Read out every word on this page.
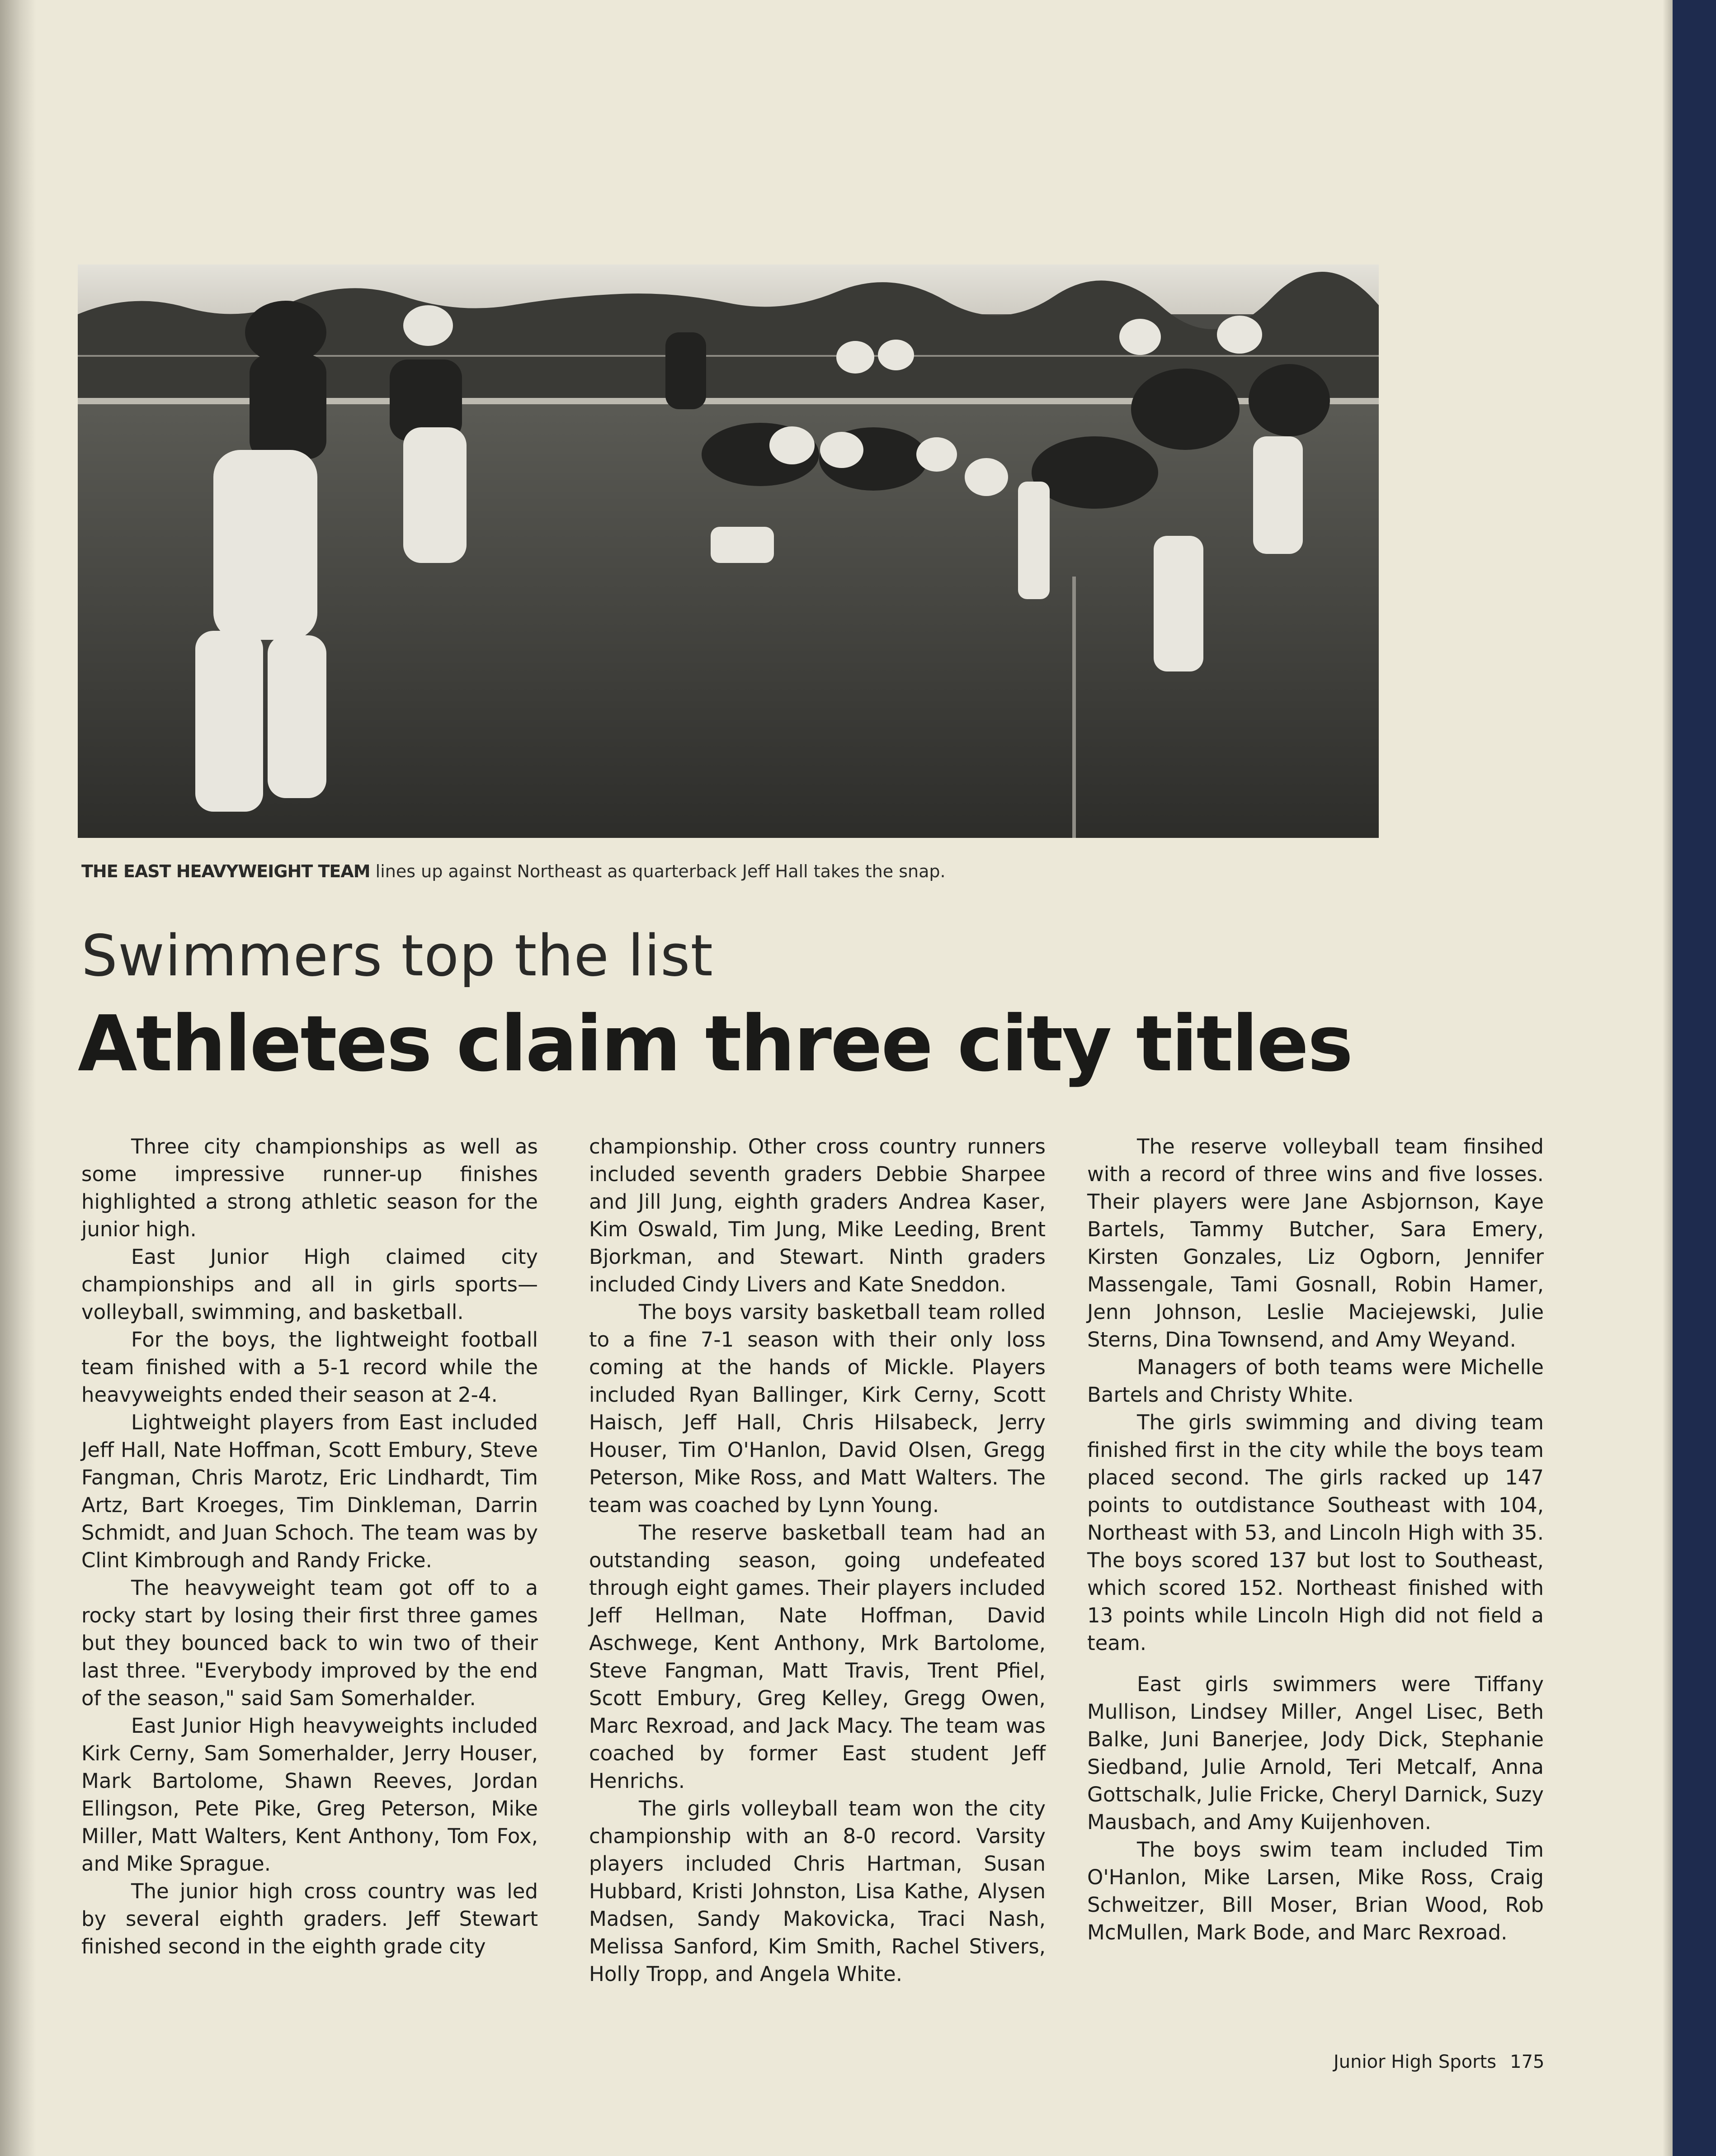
THE EAST HEAVYWEIGHT TEAM lines up against Northeast as quarterback Jeff Hall takes the snap.
Swimmers top the list
Athletes claim three city titles

Three city championships as well as some impressive runner-up finishes highlighted a strong athletic season for the junior high.

East Junior High claimed city championships and all in girls sports—volleyball, swimming, and basketball.

For the boys, the lightweight football team finished with a 5-1 record while the heavyweights ended their season at 2-4.

Lightweight players from East included Jeff Hall, Nate Hoffman, Scott Embury, Steve Fangman, Chris Marotz, Eric Lindhardt, Tim Artz, Bart Kroeges, Tim Dinkleman, Darrin Schmidt, and Juan Schoch. The team was by Clint Kimbrough and Randy Fricke.

The heavyweight team got off to a rocky start by losing their first three games but they bounced back to win two of their last three. "Everybody improved by the end of the season," said Sam Somerhalder.

East Junior High heavyweights included Kirk Cerny, Sam Somerhalder, Jerry Houser, Mark Bartolome, Shawn Reeves, Jordan Ellingson, Pete Pike, Greg Peterson, Mike Miller, Matt Walters, Kent Anthony, Tom Fox, and Mike Sprague.

The junior high cross country was led by several eighth graders. Jeff Stewart finished second in the eighth grade city

championship. Other cross country runners included seventh graders Debbie Sharpee and Jill Jung, eighth graders Andrea Kaser, Kim Oswald, Tim Jung, Mike Leeding, Brent Bjorkman, and Stewart. Ninth graders included Cindy Livers and Kate Sneddon.

The boys varsity basketball team rolled to a fine 7-1 season with their only loss coming at the hands of Mickle. Players included Ryan Ballinger, Kirk Cerny, Scott Haisch, Jeff Hall, Chris Hilsabeck, Jerry Houser, Tim O'Hanlon, David Olsen, Gregg Peterson, Mike Ross, and Matt Walters. The team was coached by Lynn Young.

The reserve basketball team had an outstanding season, going undefeated through eight games. Their players included Jeff Hellman, Nate Hoffman, David Aschwege, Kent Anthony, Mrk Bartolome, Steve Fangman, Matt Travis, Trent Pfiel, Scott Embury, Greg Kelley, Gregg Owen, Marc Rexroad, and Jack Macy. The team was coached by former East student Jeff Henrichs.

The girls volleyball team won the city championship with an 8-0 record. Varsity players included Chris Hartman, Susan Hubbard, Kristi Johnston, Lisa Kathe, Alysen Madsen, Sandy Makovicka, Traci Nash, Melissa Sanford, Kim Smith, Rachel Stivers, Holly Tropp, and Angela White.

The reserve volleyball team finsihed with a record of three wins and five losses. Their players were Jane Asbjornson, Kaye Bartels, Tammy Butcher, Sara Emery, Kirsten Gonzales, Liz Ogborn, Jennifer Massengale, Tami Gosnall, Robin Hamer, Jenn Johnson, Leslie Maciejewski, Julie Sterns, Dina Townsend, and Amy Weyand.

Managers of both teams were Michelle Bartels and Christy White.

The girls swimming and diving team finished first in the city while the boys team placed second. The girls racked up 147 points to outdistance Southeast with 104, Northeast with 53, and Lincoln High with 35. The boys scored 137 but lost to Southeast, which scored 152. Northeast finished with 13 points while Lincoln High did not field a team.

East girls swimmers were Tiffany Mullison, Lindsey Miller, Angel Lisec, Beth Balke, Juni Banerjee, Jody Dick, Stephanie Siedband, Julie Arnold, Teri Metcalf, Anna Gottschalk, Julie Fricke, Cheryl Darnick, Suzy Mausbach, and Amy Kuijenhoven.

The boys swim team included Tim O'Hanlon, Mike Larsen, Mike Ross, Craig Schweitzer, Bill Moser, Brian Wood, Rob McMullen, Mark Bode, and Marc Rexroad.

Junior High Sports 175
